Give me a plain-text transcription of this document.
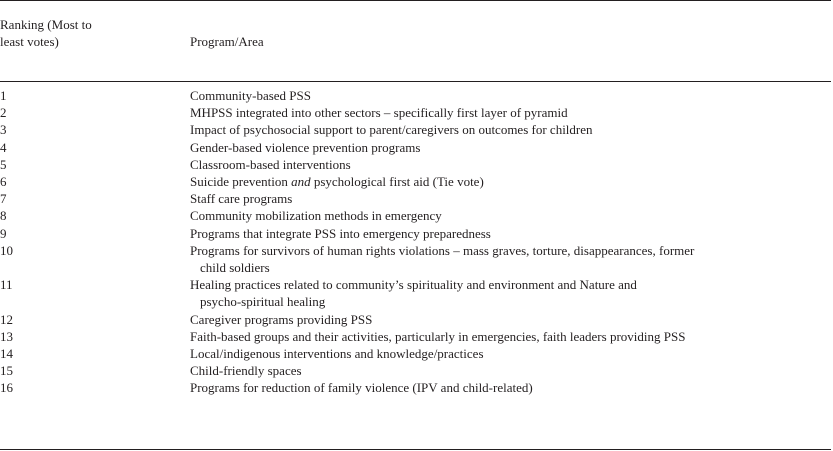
Ranking (Most to
least votes)	Program/Area
1	Community-based PSS
2	MHPSS integrated into other sectors – specifically first layer of pyramid
3	Impact of psychosocial support to parent/caregivers on outcomes for children
4	Gender-based violence prevention programs
5	Classroom-based interventions
6	Suicide prevention and psychological first aid (Tie vote)
7	Staff care programs
8	Community mobilization methods in emergency
9	Programs that integrate PSS into emergency preparedness
10	Programs for survivors of human rights violations – mass graves, torture, disappearances, former
child soldiers
11	Healing practices related to community’s spirituality and environment and Nature and
psycho-spiritual healing
12	Caregiver programs providing PSS
13	Faith-based groups and their activities, particularly in emergencies, faith leaders providing PSS
14	Local/indigenous interventions and knowledge/practices
15	Child-friendly spaces
16	Programs for reduction of family violence (IPV and child-related)
